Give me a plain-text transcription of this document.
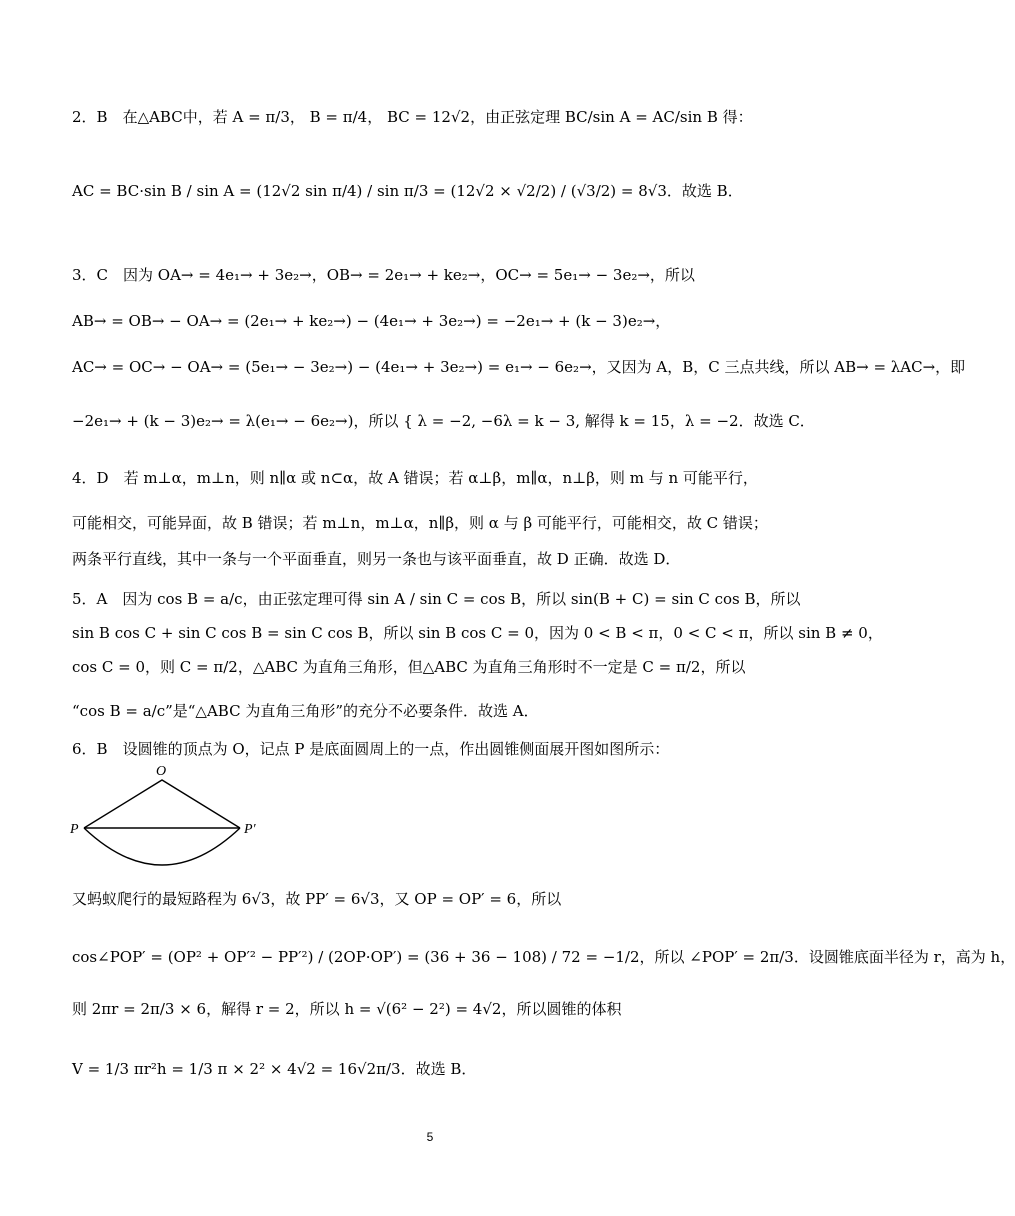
2．B　在△ABC中，若 A = π/3， B = π/4， BC = 12√2，由正弦定理 BC/sin A = AC/sin B 得：
AC = BC·sin B / sin A = (12√2 sin π/4) / sin π/3 = (12√2 × √2/2) / (√3/2) = 8√3．故选 B．
3．C　因为 OA→ = 4e₁→ + 3e₂→，OB→ = 2e₁→ + ke₂→，OC→ = 5e₁→ − 3e₂→，所以
AB→ = OB→ − OA→ = (2e₁→ + ke₂→) − (4e₁→ + 3e₂→) = −2e₁→ + (k − 3)e₂→，
AC→ = OC→ − OA→ = (5e₁→ − 3e₂→) − (4e₁→ + 3e₂→) = e₁→ − 6e₂→，又因为 A，B，C 三点共线，所以 AB→ = λAC→，即
−2e₁→ + (k − 3)e₂→ = λ(e₁→ − 6e₂→)，所以 { λ = −2, −6λ = k − 3, 解得 k = 15，λ = −2．故选 C．
4．D　若 m⊥α，m⊥n，则 n∥α 或 n⊂α，故 A 错误；若 α⊥β，m∥α，n⊥β，则 m 与 n 可能平行，
可能相交，可能异面，故 B 错误；若 m⊥n，m⊥α，n∥β，则 α 与 β 可能平行，可能相交，故 C 错误；
两条平行直线，其中一条与一个平面垂直，则另一条也与该平面垂直，故 D 正确．故选 D．
5．A　因为 cos B = a/c，由正弦定理可得 sin A / sin C = cos B，所以 sin(B + C) = sin C cos B，所以
sin B cos C + sin C cos B = sin C cos B，所以 sin B cos C = 0，因为 0 < B < π，0 < C < π，所以 sin B ≠ 0，
cos C = 0，则 C = π/2，△ABC 为直角三角形，但△ABC 为直角三角形时不一定是 C = π/2，所以
“cos B = a/c”是“△ABC 为直角三角形”的充分不必要条件．故选 A．
6．B　设圆锥的顶点为 O，记点 P 是底面圆周上的一点，作出圆锥侧面展开图如图所示：
O
P	P′
又蚂蚁爬行的最短路程为 6√3，故 PP′ = 6√3，又 OP = OP′ = 6，所以
cos∠POP′ = (OP² + OP′² − PP′²) / (2OP·OP′) = (36 + 36 − 108) / 72 = −1/2，所以 ∠POP′ = 2π/3．设圆锥底面半径为 r，高为 h，
则 2πr = 2π/3 × 6，解得 r = 2，所以 h = √(6² − 2²) = 4√2，所以圆锥的体积
V = 1/3 πr²h = 1/3 π × 2² × 4√2 = 16√2π/3．故选 B．
5
